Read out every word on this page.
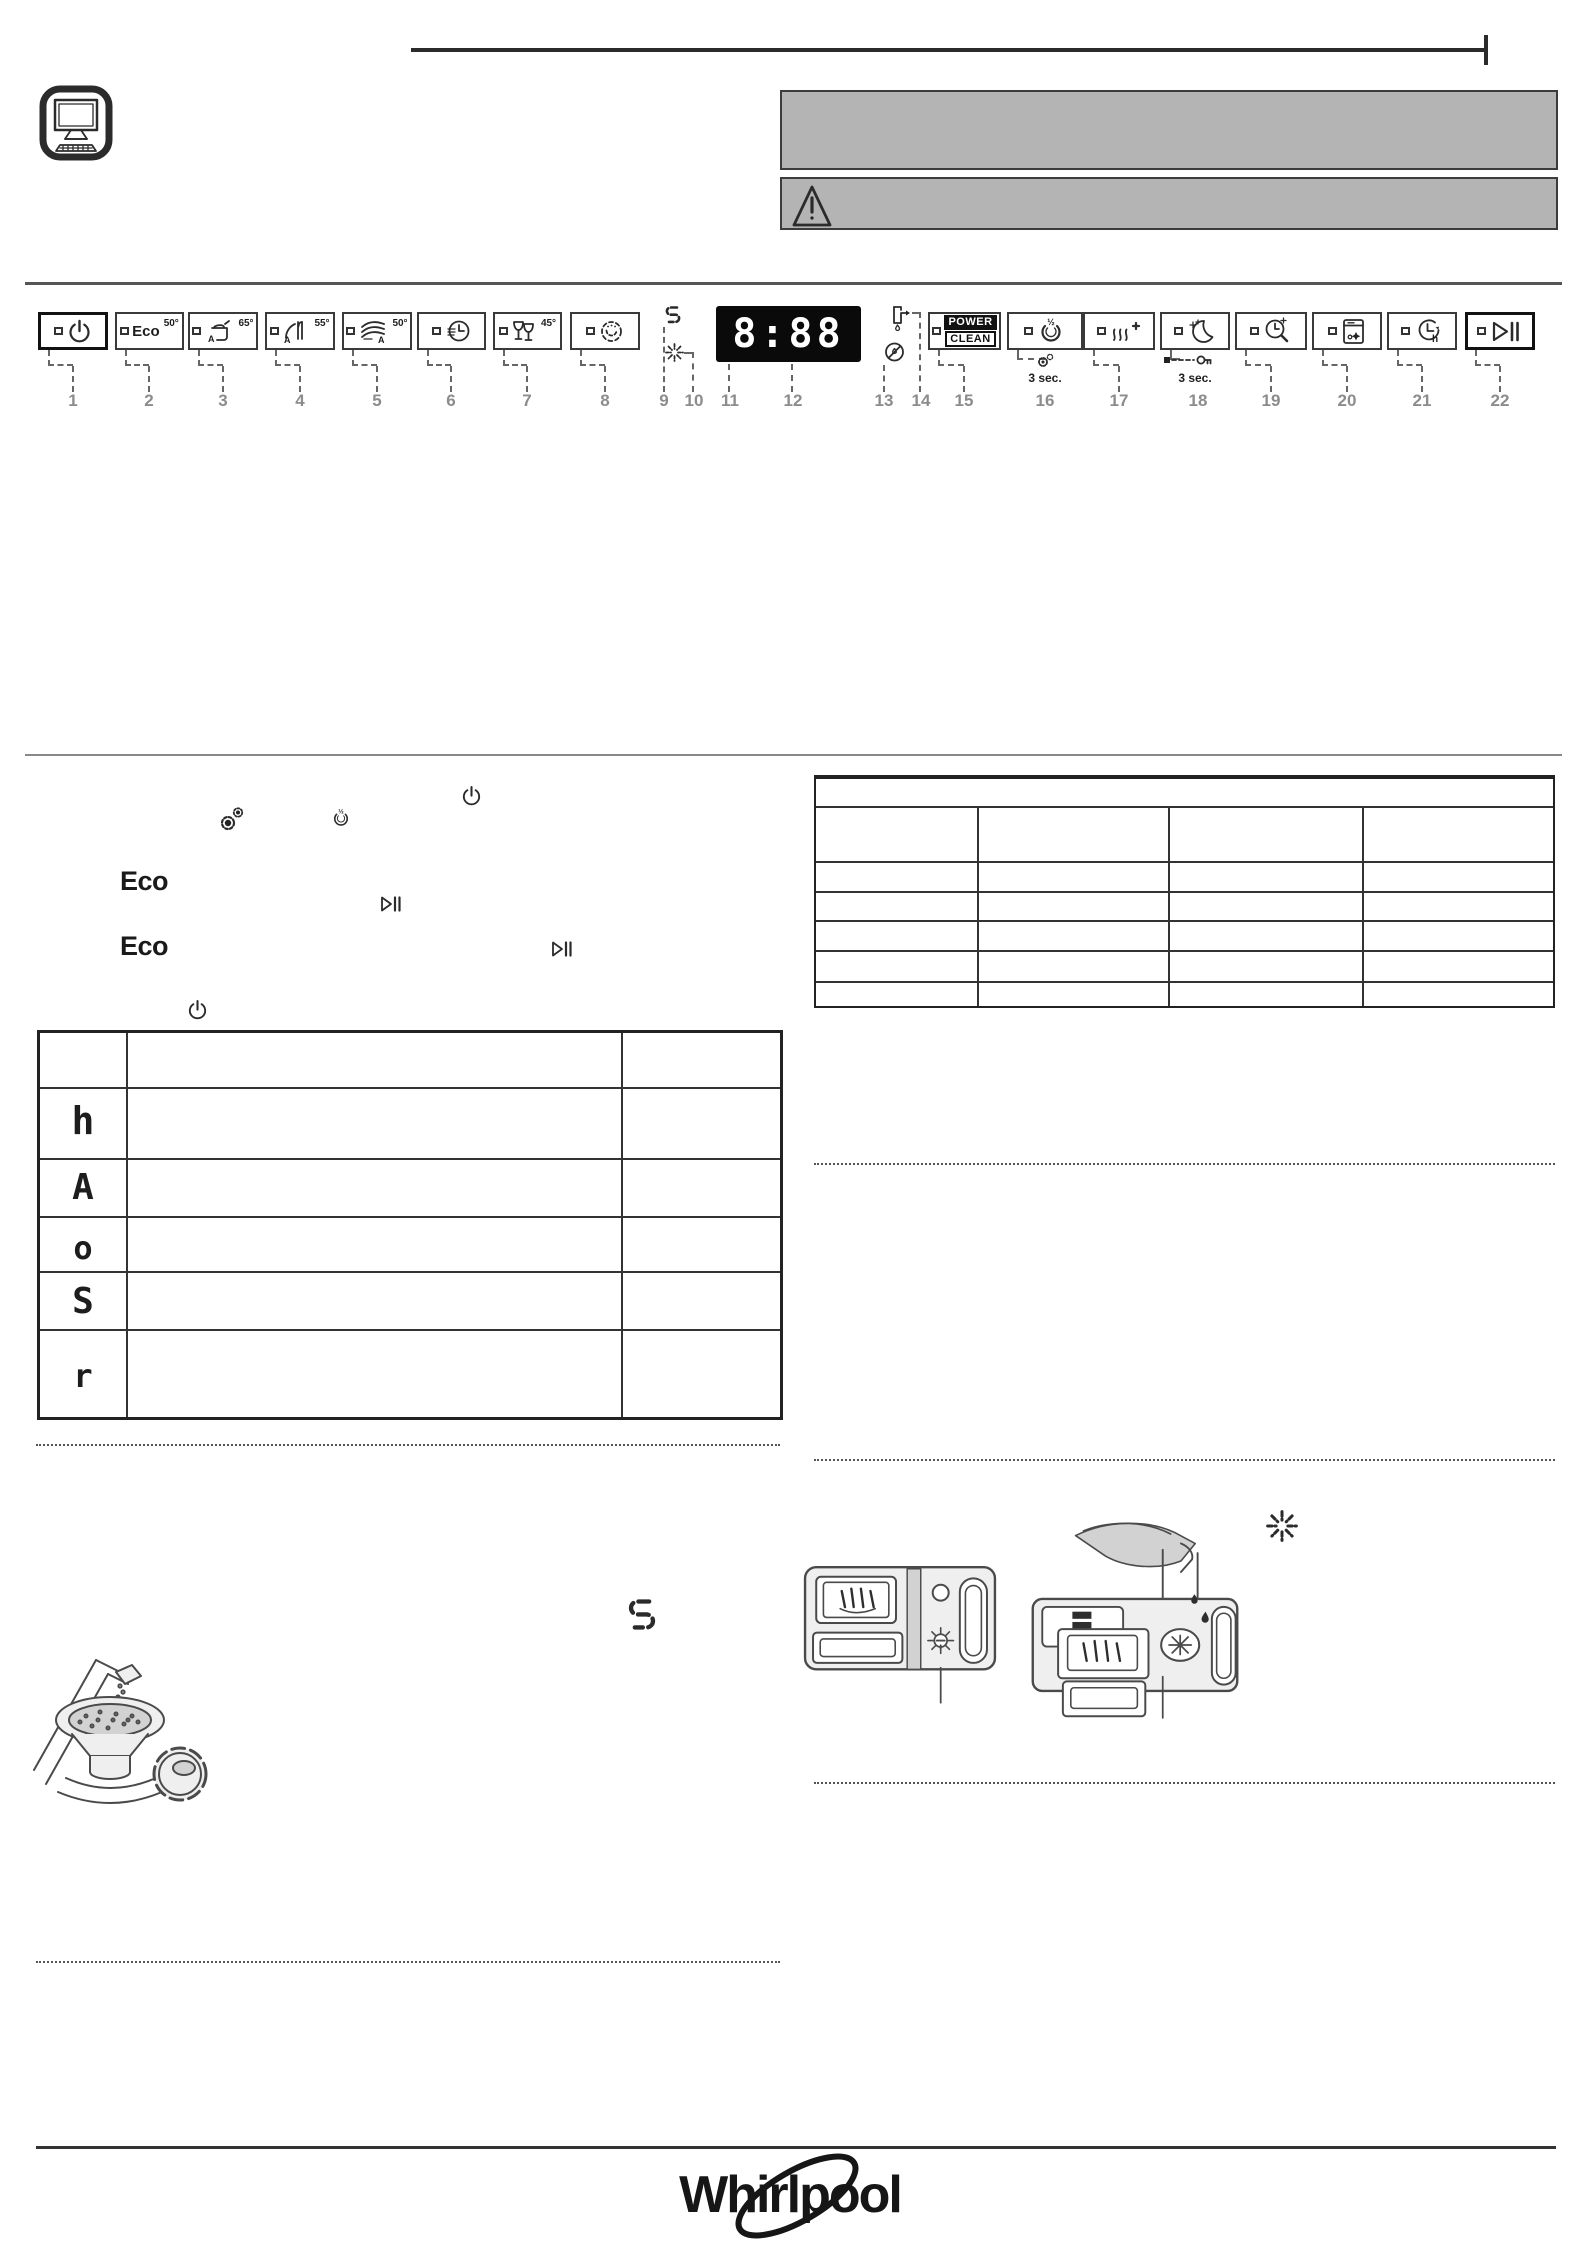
1
Eco 50°
2
A
65°
3
A
55°
4
A
50°
5	6
45°
7	8	9 10
8:88
11	12	14
13
POWER
CLEAN
15
½
3 sec.
16	17
3 sec.
18	19	20
h
21	22
½
Eco
Eco
h
A
o
S
r
Whirlpool
